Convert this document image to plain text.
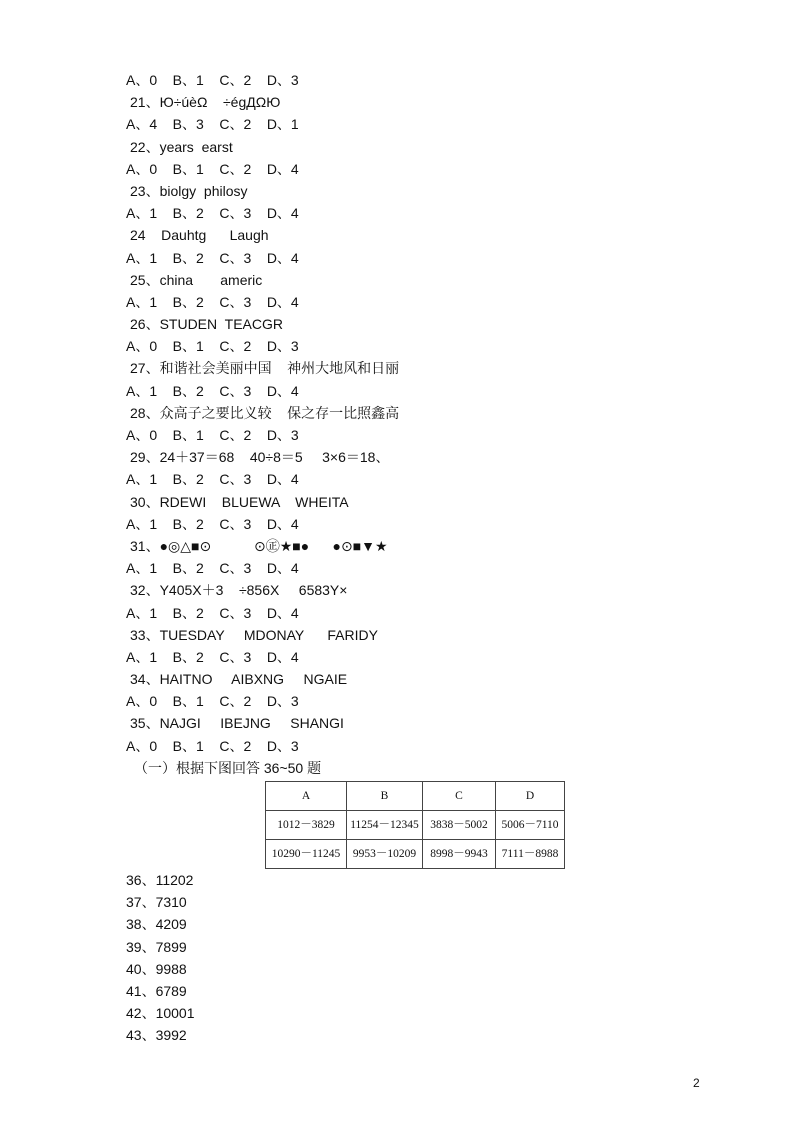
A、0    B、1    C、2    D、3
21、Ю÷úèΩ    ÷égДΩЮ
A、4    B、3    C、2    D、1
22、years  earst
A、0    B、1    C、2    D、4
23、biolgy  philosy
A、1    B、2    C、3    D、4
24    Dauhtg      Laugh
A、1    B、2    C、3    D、4
25、china       americ
A、1    B、2    C、3    D、4
26、STUDEN  TEACGR
A、0    B、1    C、2    D、3
27、和谐社会美丽中国    神州大地风和日丽
A、1    B、2    C、3    D、4
28、众高子之要比义较    保之存一比照鑫高
A、0    B、1    C、2    D、3
29、24＋37＝68    40÷8＝5     3×6＝18、
A、1    B、2    C、3    D、4
30、RDEWI    BLUEWA    WHEITA
A、1    B、2    C、3    D、4
31、●◎△■⊙           ⊙㊣★■●      ●⊙■▼★
A、1    B、2    C、3    D、4
32、Y405X＋3    ÷856X     6583Y×
A、1    B、2    C、3    D、4
33、TUESDAY     MDONAY      FARIDY
A、1    B、2    C、3    D、4
34、HAITNO     AIBXNG     NGAIE
A、0    B、1    C、2    D、3
35、NAJGI     IBEJNG     SHANGI
A、0    B、1    C、2    D、3
（一）根据下图回答 36~50 题
A	B	C	D
1012－3829	11254－12345	3838－5002	5006－7110
10290－11245	9953－10209	8998－9943	7111－8988
36、11202
37、7310
38、4209
39、7899
40、9988
41、6789
42、10001
43、3992
2
